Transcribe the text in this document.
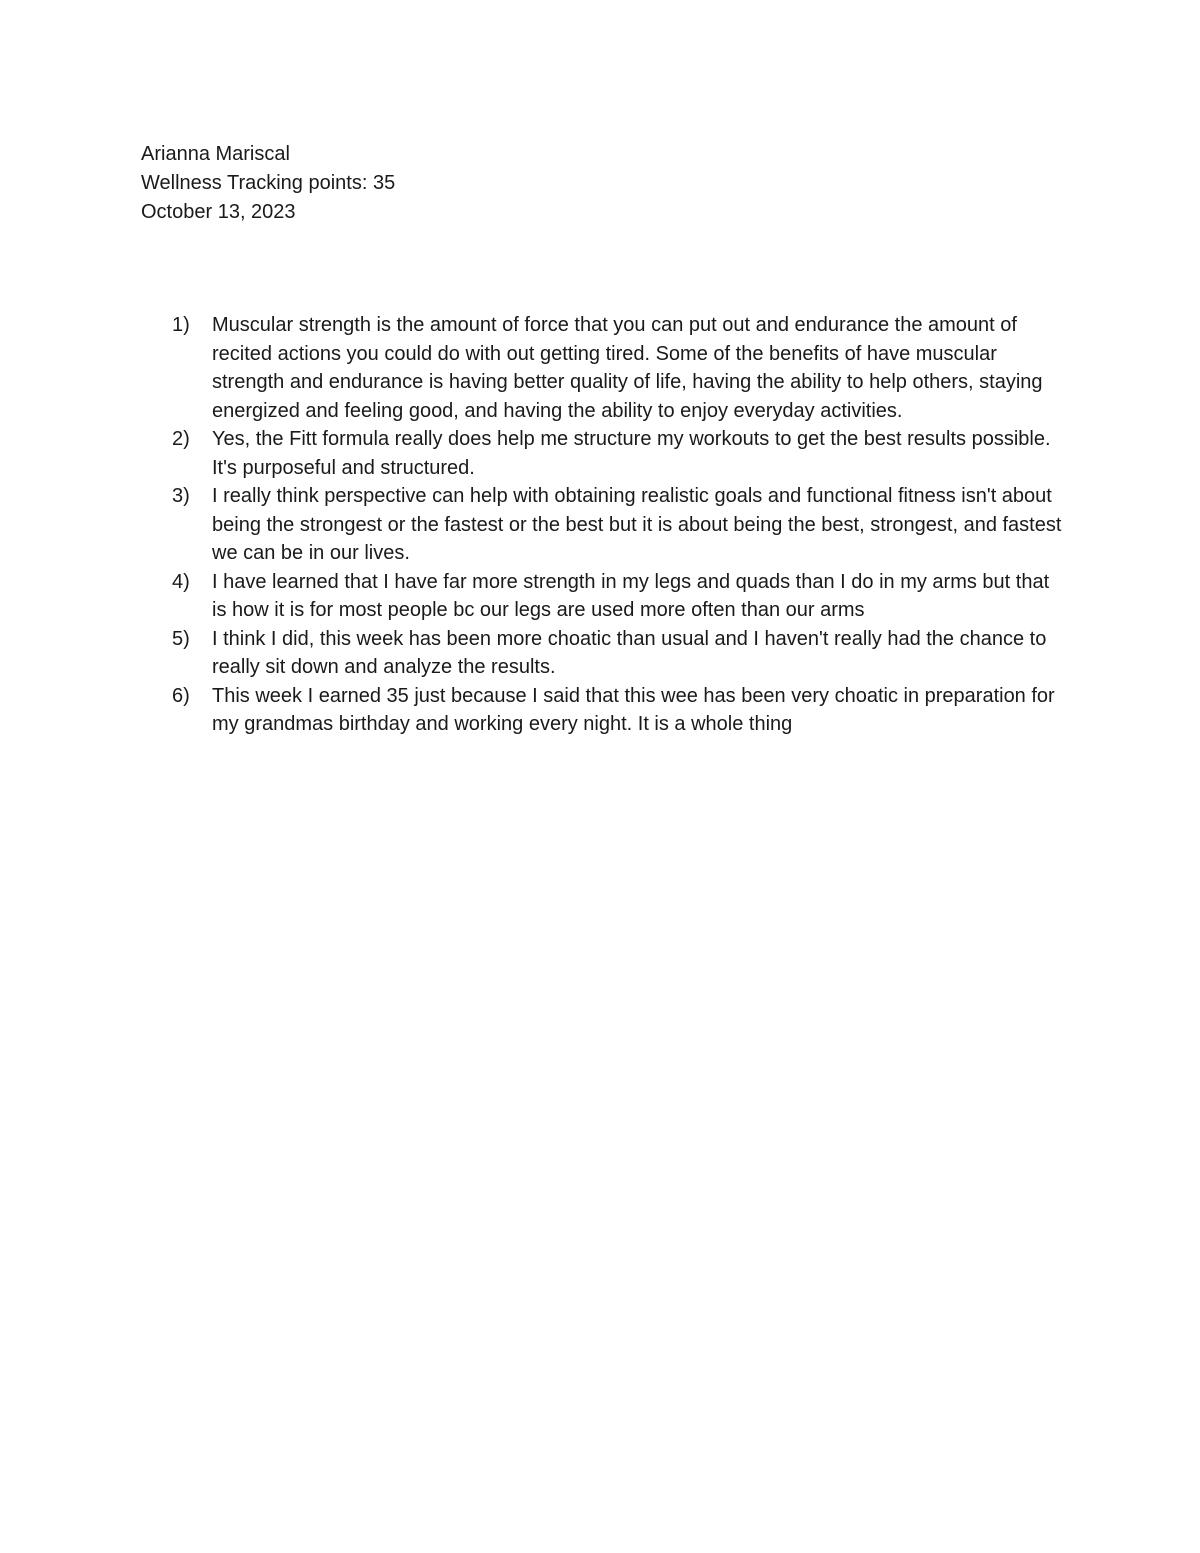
Arianna Mariscal
Wellness Tracking points: 35
October 13, 2023
1)	Muscular strength is the amount of force that you can put out and endurance the amount of recited actions you could do with out getting tired. Some of the benefits of have muscular strength and endurance is having better quality of life, having the ability to help others, staying energized and feeling good, and having the ability to enjoy everyday activities.
2)	Yes, the Fitt formula really does help me structure my workouts to get the best results possible. It's purposeful and structured.
3)	I really think perspective can help with obtaining realistic goals and functional fitness isn't about being the strongest or the fastest or the best but it is about being the best, strongest, and fastest we can be in our lives.
4)	I have learned that I have far more strength in my legs and quads than I do in my arms but that is how it is for most people bc our legs are used more often than our arms
5)	I think I did, this week has been more choatic than usual and I haven't really had the chance to really sit down and analyze the results.
6)	This week I earned 35 just because I said that this wee has been very choatic in preparation for my grandmas birthday and working every night. It is a whole thing
